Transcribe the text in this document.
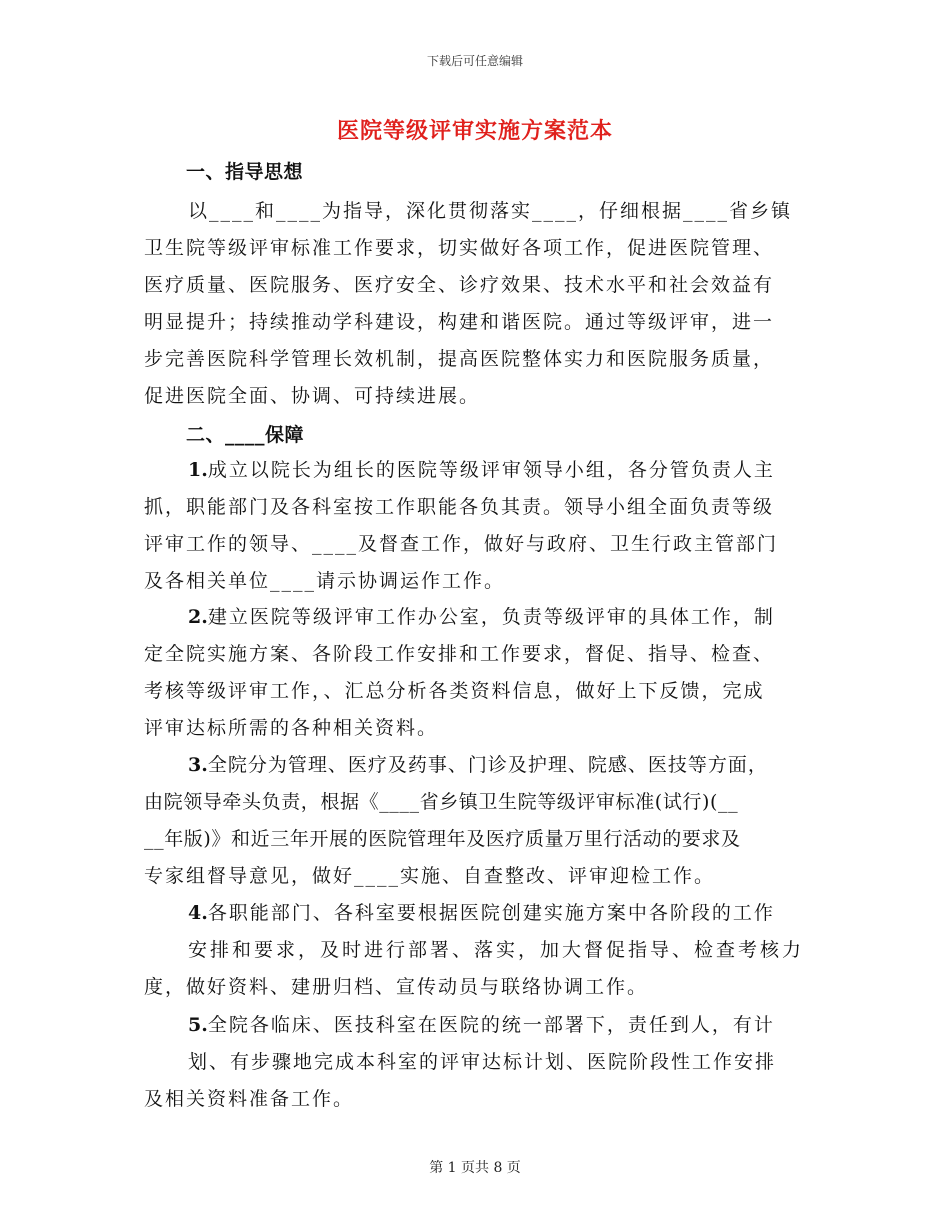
下载后可任意编辑
医院等级评审实施方案范本
一、指导思想
以____和____为指导，深化贯彻落实____，仔细根据____省乡镇
卫生院等级评审标准工作要求，切实做好各项工作，促进医院管理、
医疗质量、医院服务、医疗安全、诊疗效果、技术水平和社会效益有
明显提升；持续推动学科建设，构建和谐医院。通过等级评审，进一
步完善医院科学管理长效机制，提高医院整体实力和医院服务质量，
促进医院全面、协调、可持续进展。
二、____保障
1.成立以院长为组长的医院等级评审领导小组，各分管负责人主
抓，职能部门及各科室按工作职能各负其责。领导小组全面负责等级
评审工作的领导、____及督查工作，做好与政府、卫生行政主管部门
及各相关单位____请示协调运作工作。
2.建立医院等级评审工作办公室，负责等级评审的具体工作，制
定全院实施方案、各阶段工作安排和工作要求，督促、指导、检查、
考核等级评审工作，、汇总分析各类资料信息，做好上下反馈，完成
评审达标所需的各种相关资料。
3.全院分为管理、医疗及药事、门诊及护理、院感、医技等方面，
由院领导牵头负责，根据《____省乡镇卫生院等级评审标准(试行)(__
__年版)》和近三年开展的医院管理年及医疗质量万里行活动的要求及
专家组督导意见，做好____实施、自查整改、评审迎检工作。
4.各职能部门、各科室要根据医院创建实施方案中各阶段的工作
安排和要求，及时进行部署、落实，加大督促指导、检查考核力
度，做好资料、建册归档、宣传动员与联络协调工作。
5.全院各临床、医技科室在医院的统一部署下，责任到人，有计
划、有步骤地完成本科室的评审达标计划、医院阶段性工作安排
及相关资料准备工作。
第 1 页共 8 页
